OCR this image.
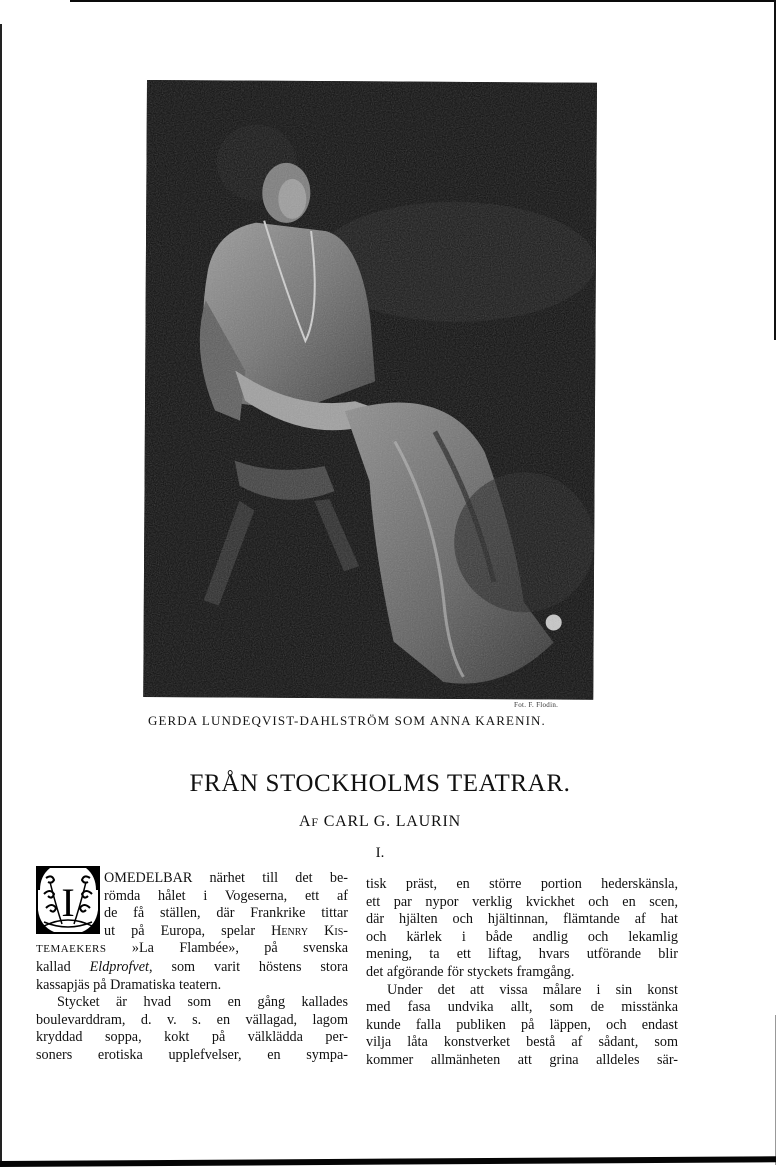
Fot. F. Flodin.
GERDA LUNDEQVIST-DAHLSTRÖM SOM ANNA KARENIN.
FRÅN STOCKHOLMS TEATRAR.
AF CARL G. LAURIN
I.
I
OMEDELBAR närhet till det be-
römda hålet i Vogeserna, ett af
de få ställen, där Frankrike tittar
ut på Europa, spelar Henry Kis-
TEMAEKERS »La Flambée», på svenska
kallad Eldprofvet, som varit höstens stora
kassapjäs på Dramatiska teatern.
Stycket är hvad som en gång kallades
boulevarddram, d. v. s. en vällagad, lagom
kryddad soppa, kokt på välklädda per-
soners erotiska upplefvelser, en sympa-
tisk präst, en större portion hederskänsla,
ett par nypor verklig kvickhet och en scen,
där hjälten och hjältinnan, flämtande af hat
och kärlek i både andlig och lekamlig
mening, ta ett liftag, hvars utförande blir
det afgörande för styckets framgång.
Under det att vissa målare i sin konst
med fasa undvika allt, som de misstänka
kunde falla publiken på läppen, och endast
vilja låta konstverket bestå af sådant, som
kommer allmänheten att grina alldeles sär-
